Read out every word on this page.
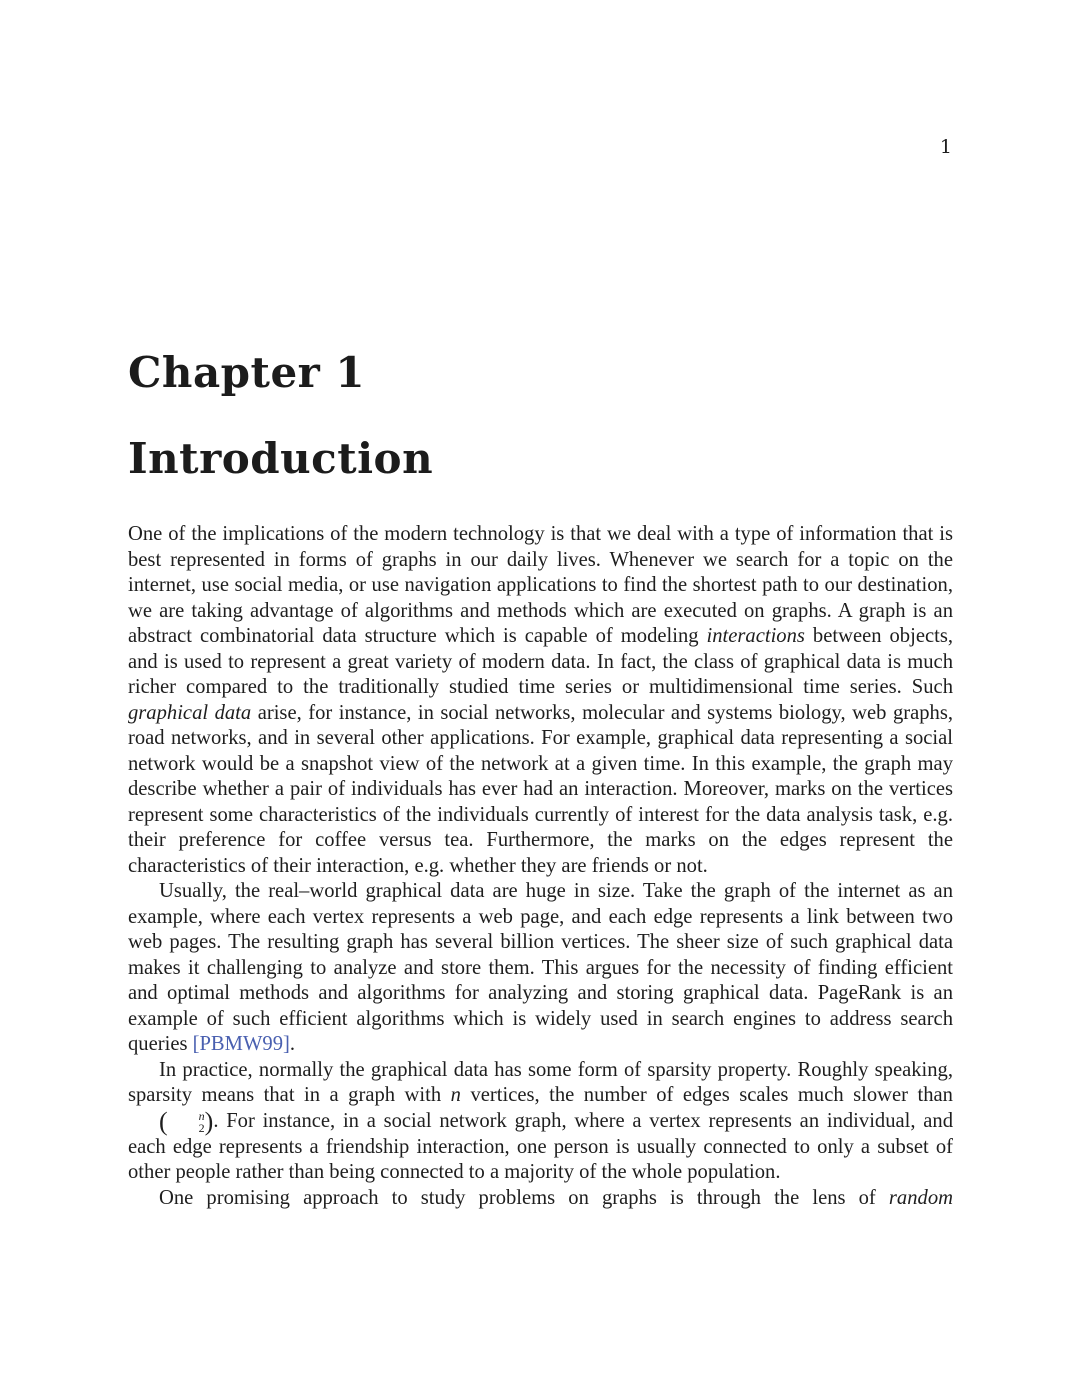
1
Chapter 1
Introduction

One of the implications of the modern technology is that we deal with a type of information that is best represented in forms of graphs in our daily lives. Whenever we search for a topic on the internet, use social media, or use navigation applications to find the shortest path to our destination, we are taking advantage of algorithms and methods which are executed on graphs. A graph is an abstract combinatorial data structure which is capable of modeling interactions between objects, and is used to represent a great variety of modern data. In fact, the class of graphical data is much richer compared to the traditionally studied time series or multidimensional time series. Such graphical data arise, for instance, in social networks, molecular and systems biology, web graphs, road networks, and in several other applications. For example, graphical data representing a social network would be a snapshot view of the network at a given time. In this example, the graph may describe whether a pair of individuals has ever had an interaction. Moreover, marks on the vertices represent some characteristics of the individuals currently of interest for the data analysis task, e.g. their preference for coffee versus tea. Furthermore, the marks on the edges represent the characteristics of their interaction, e.g. whether they are friends or not.

Usually, the real–world graphical data are huge in size. Take the graph of the internet as an example, where each vertex represents a web page, and each edge represents a link between two web pages. The resulting graph has several billion vertices. The sheer size of such graphical data makes it challenging to analyze and store them. This argues for the necessity of finding efficient and optimal methods and algorithms for analyzing and storing graphical data. PageRank is an example of such efficient algorithms which is widely used in search engines to address search queries [PBMW99].

In practice, normally the graphical data has some form of sparsity property. Roughly speaking, sparsity means that in a graph with n vertices, the number of edges scales much slower than (	n
2 ). For instance, in a social network graph, where a vertex represents an individual, and each edge represents a friendship interaction, one person is usually connected to only a subset of other people rather than being connected to a majority of the whole population.

One promising approach to study problems on graphs is through the lens of random
